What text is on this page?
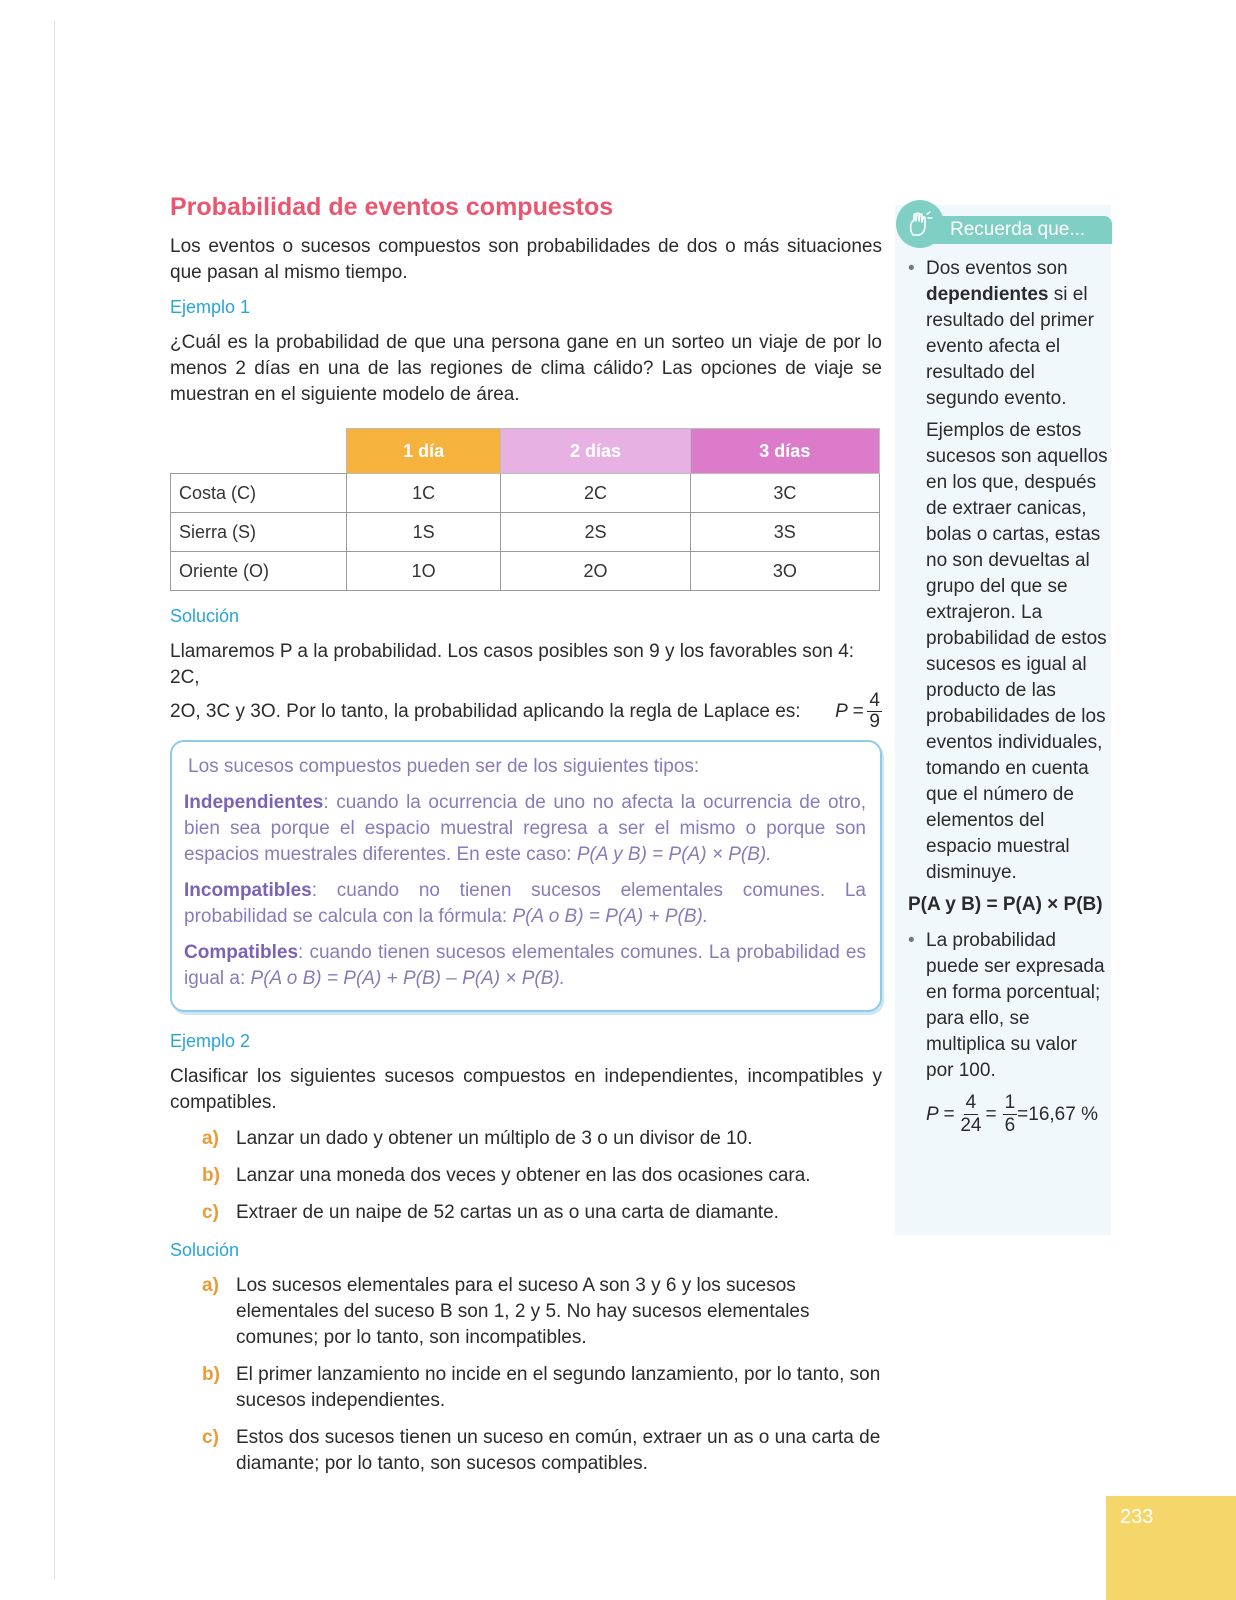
Probabilidad de eventos compuestos

Los eventos o sucesos compuestos son probabilidades de dos o más situaciones que pasan al mismo tiempo.

Ejemplo 1

¿Cuál es la probabilidad de que una persona gane en un sorteo un viaje de por lo menos 2 días en una de las regiones de clima cálido? Las opciones de viaje se muestran en el siguiente modelo de área.

	1 día	2 días	3 días
Costa (C)	1C	2C	3C
Sierra (S)	1S	2S	3S
Oriente (O)	1O	2O	3O
Solución

Llamaremos P a la probabilidad. Los casos posibles son 9 y los favorables son 4: 2C,

2O, 3C y 3O. Por lo tanto, la probabilidad aplicando la regla de Laplace es: $P = \frac{4}{9}$

Los sucesos compuestos pueden ser de los siguientes tipos:

Independientes: cuando la ocurrencia de uno no afecta la ocurrencia de otro, bien sea porque el espacio muestral regresa a ser el mismo o porque son espacios muestrales diferentes. En este caso: P(A y B) = P(A) × P(B).

Incompatibles: cuando no tienen sucesos elementales comunes. La probabilidad se calcula con la fórmula: P(A o B) = P(A) + P(B).

Compatibles: cuando tienen sucesos elementales comunes. La probabilidad es igual a: P(A o B) = P(A) + P(B) – P(A) × P(B).

Ejemplo 2

Clasificar los siguientes sucesos compuestos en independientes, incompatibles y compatibles.

a) Lanzar un dado y obtener un múltiplo de 3 o un divisor de 10.
b) Lanzar una moneda dos veces y obtener en las dos ocasiones cara.
c) Extraer de un naipe de 52 cartas un as o una carta de diamante.
Solución
a) Los sucesos elementales para el suceso A son 3 y 6 y los sucesos elementales del suceso B son 1, 2 y 5. No hay sucesos elementales comunes; por lo tanto, son incompatibles.
b) El primer lanzamiento no incide en el segundo lanzamiento, por lo tanto, son sucesos independientes.
c) Estos dos sucesos tienen un suceso en común, extraer un as o una carta de diamante; por lo tanto, son sucesos compatibles.
Recuerda que...
• Dos eventos son dependientes si el resultado del primer evento afecta el resultado del segundo evento.
Ejemplos de estos sucesos son aquellos en los que, después de extraer canicas, bolas o cartas, estas no son devueltas al grupo del que se extrajeron. La probabilidad de estos sucesos es igual al producto de las probabilidades de los eventos individuales, tomando en cuenta que el número de elementos del espacio muestral disminuye.
P(A y B) = P(A) × P(B)
• La probabilidad puede ser expresada en forma porcentual; para ello, se multiplica su valor por 100.
$P = \frac{4}{24} = \frac{1}{6} =16,67$ %
233
